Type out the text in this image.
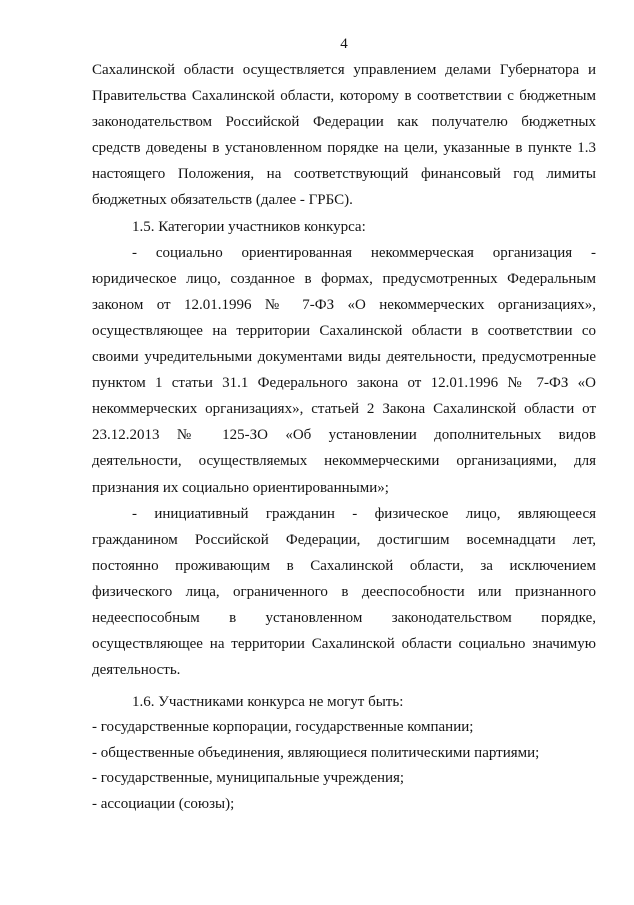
4
Сахалинской области осуществляется управлением делами Губернатора и
Правительства Сахалинской области, которому в соответствии с бюджетным
законодательством Российской Федерации как получателю бюджетных
средств доведены в установленном порядке на цели, указанные в пункте 1.3
настоящего Положения, на соответствующий финансовый год лимиты
бюджетных обязательств (далее - ГРБС).
1.5. Категории участников конкурса:
- социально ориентированная некоммерческая организация -
юридическое лицо, созданное в формах, предусмотренных Федеральным
законом от 12.01.1996 № 7-ФЗ «О некоммерческих организациях»,
осуществляющее на территории Сахалинской области в соответствии со
своими учредительными документами виды деятельности, предусмотренные
пунктом 1 статьи 31.1 Федерального закона от 12.01.1996 № 7-ФЗ «О
некоммерческих организациях», статьей 2 Закона Сахалинской области от
23.12.2013 № 125-ЗО «Об установлении дополнительных видов
деятельности, осуществляемых некоммерческими организациями, для
признания их социально ориентированными»;
- инициативный гражданин - физическое лицо, являющееся
гражданином Российской Федерации, достигшим восемнадцати лет,
постоянно проживающим в Сахалинской области, за исключением
физического лица, ограниченного в дееспособности или признанного
недееспособным в установленном законодательством порядке,
осуществляющее на территории Сахалинской области социально значимую
деятельность.
1.6. Участниками конкурса не могут быть:
- государственные корпорации, государственные компании;
- общественные объединения, являющиеся политическими партиями;
- государственные, муниципальные учреждения;
- ассоциации (союзы);
